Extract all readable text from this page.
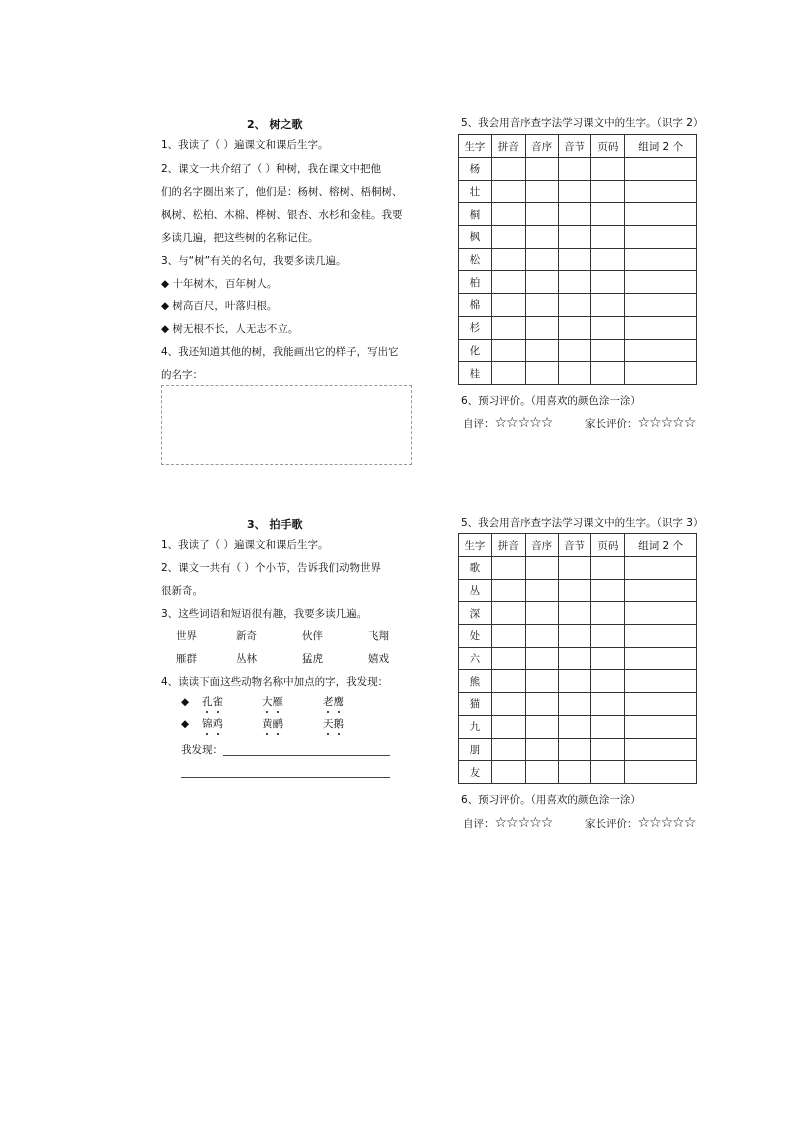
2、 树之歌
1、我读了（ ）遍课文和课后生字。
2、课文一共介绍了（ ）种树，我在课文中把他
们的名字圈出来了，他们是：杨树、榕树、梧桐树、
枫树、松柏、木棉、桦树、银杏、水杉和金桂。我要
多读几遍，把这些树的名称记住。
3、与“树”有关的名句，我要多读几遍。
◆ 十年树木，百年树人。
◆ 树高百尺，叶落归根。
◆ 树无根不长，人无志不立。
4、我还知道其他的树，我能画出它的样子，写出它
的名字：
5、我会用音序查字法学习课文中的生字。（识字 2）
生字	拼音	音序	音节	页码	组词 2 个
杨					
壮					
桐					
枫					
松					
柏					
棉					
杉					
化					
桂					
6、预习评价。（用喜欢的颜色涂一涂）
自评：☆☆☆☆☆	家长评价：☆☆☆☆☆
3、 拍手歌
1、我读了（ ）遍课文和课后生字。
2、课文一共有（ ）个小节，告诉我们动物世界
很新奇。
3、这些词语和短语很有趣，我要多读几遍。
世界	新奇	伙伴	飞翔
雁群	丛林	猛虎	嬉戏
4、读读下面这些动物名称中加点的字，我发现：
◆ 孔雀	大雁	老鹰
◆ 锦鸡	黄鹂	天鹅
我发现：
5、我会用音序查字法学习课文中的生字。（识字 3）
生字	拼音	音序	音节	页码	组词 2 个
歌					
丛					
深					
处					
六					
熊					
猫					
九					
朋					
友					
6、预习评价。（用喜欢的颜色涂一涂）
自评：☆☆☆☆☆	家长评价：☆☆☆☆☆
